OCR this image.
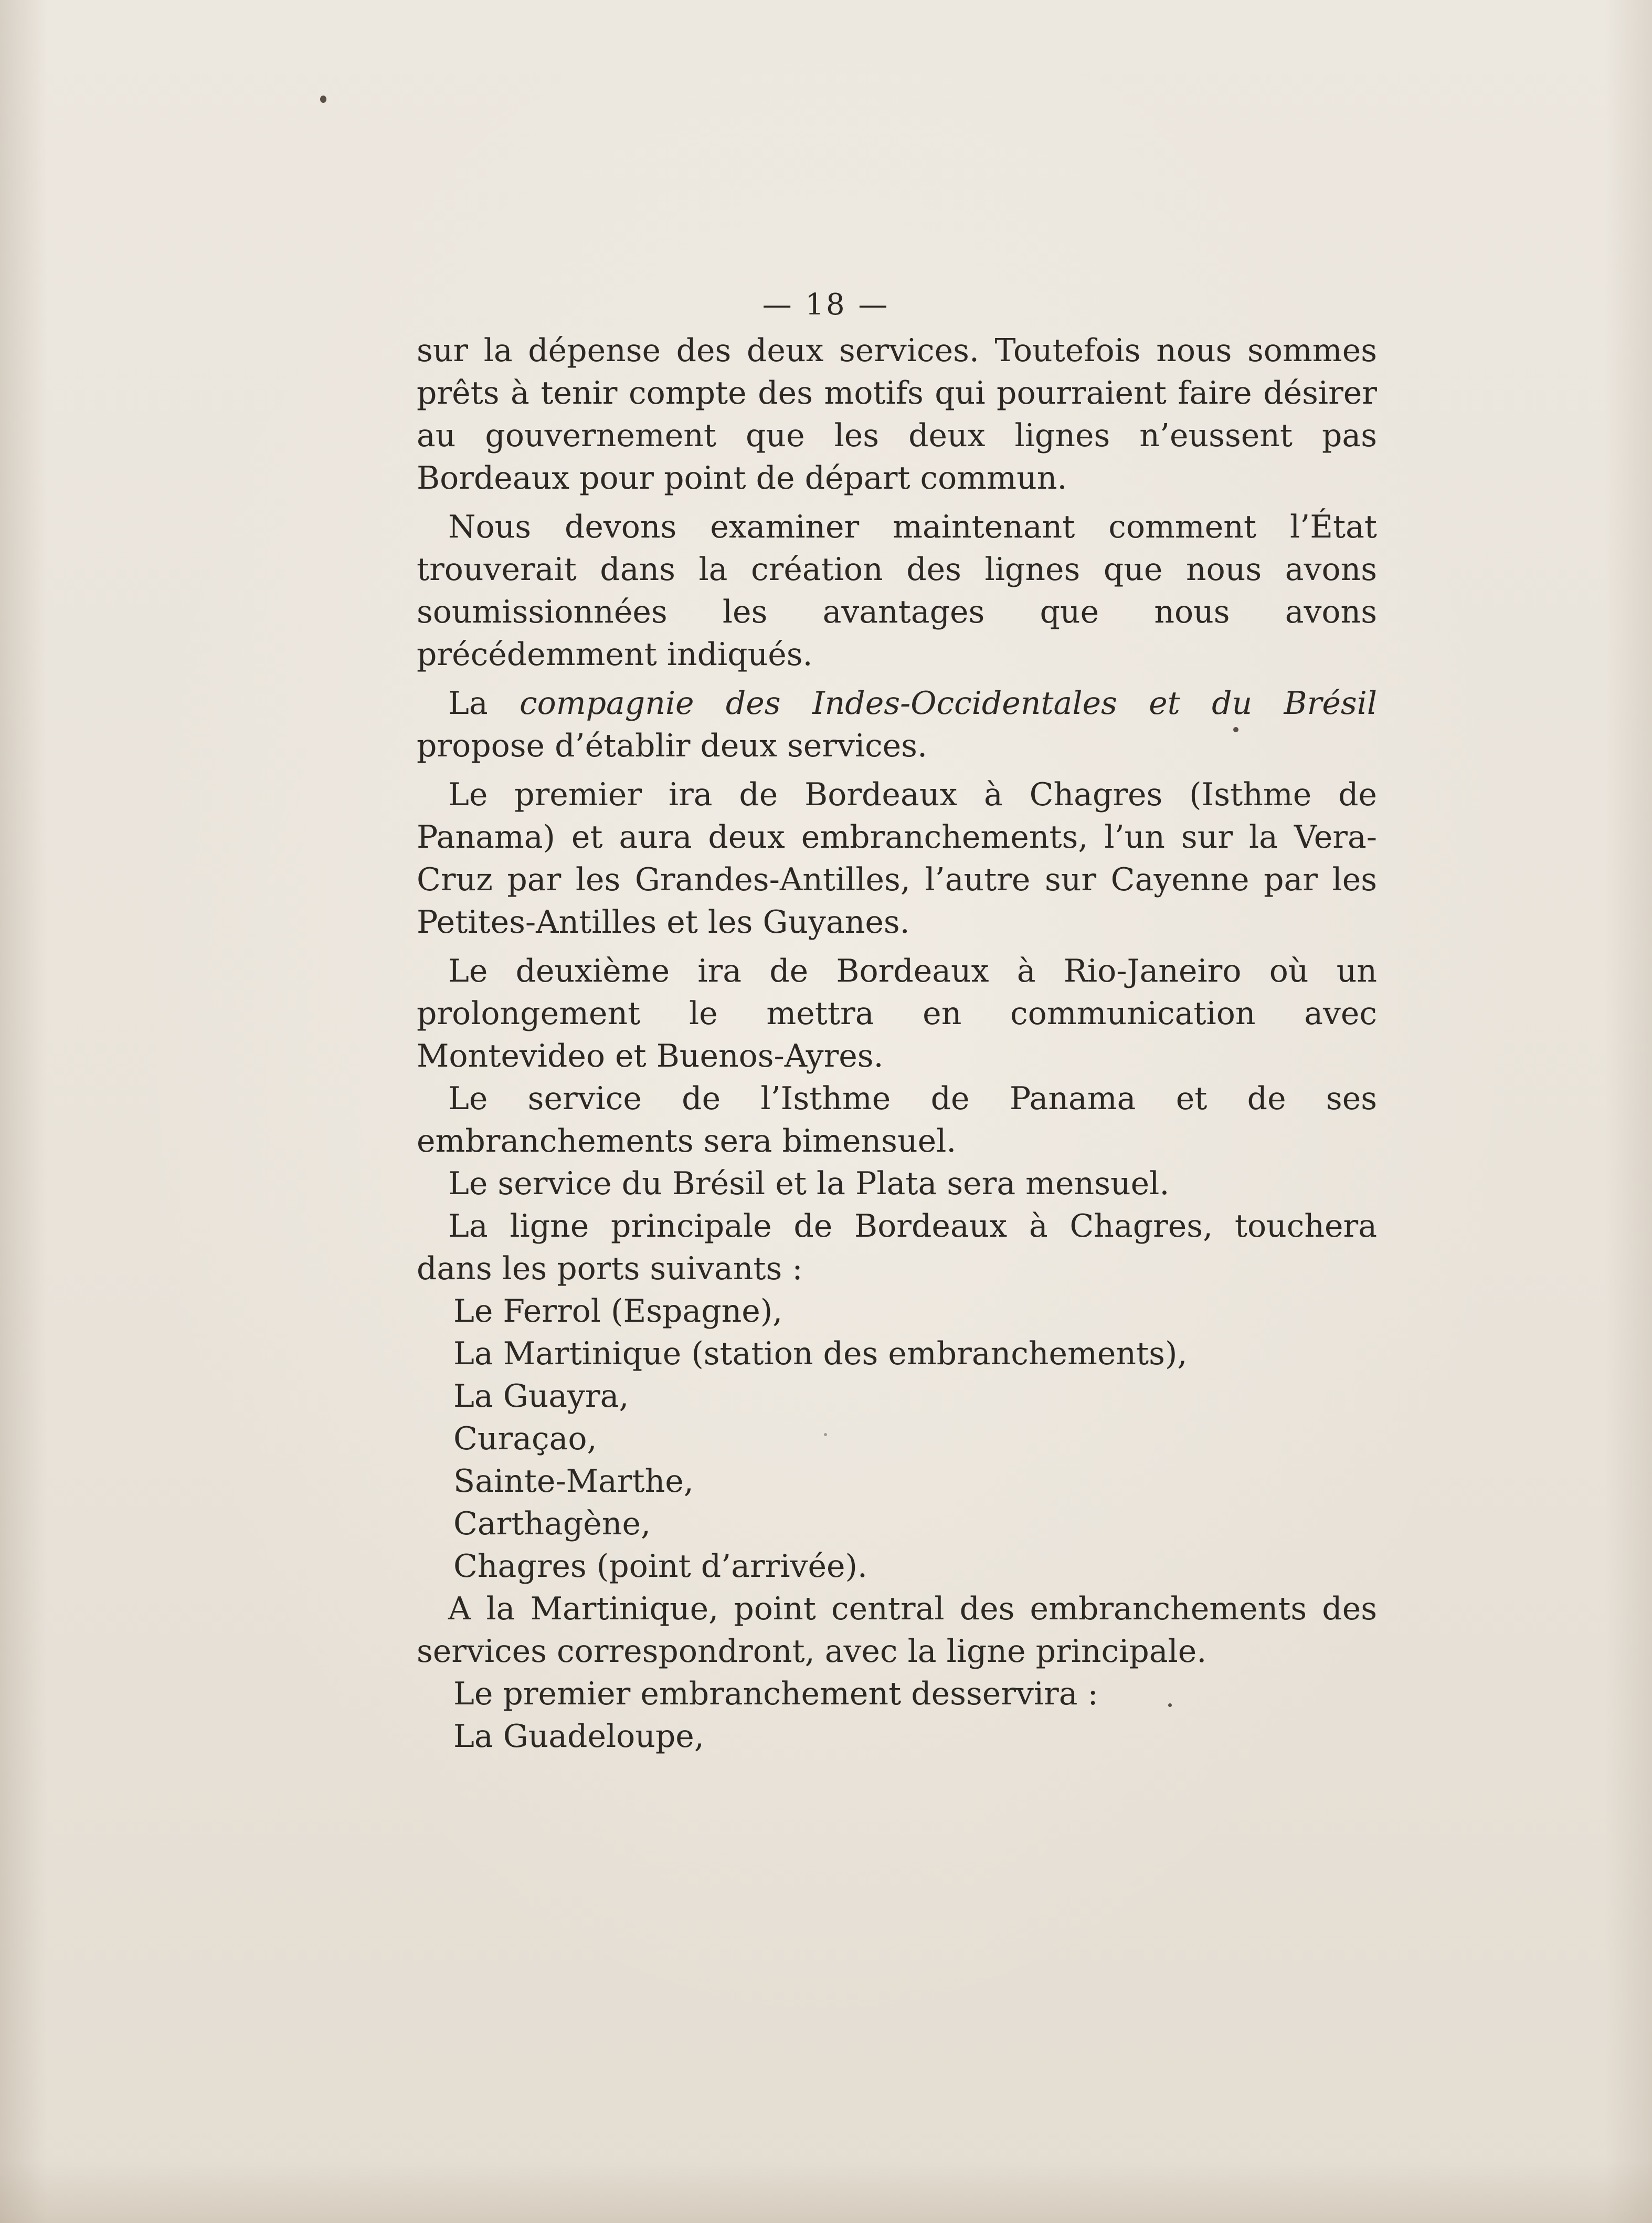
— 18 —

sur la dépense des deux services. Toutefois nous sommes prêts à tenir compte des motifs qui pourraient faire désirer au gouvernement que les deux lignes n’eussent pas Bordeaux pour point de départ commun.

Nous devons examiner maintenant comment l’État trouverait dans la création des lignes que nous avons soumissionnées les avantages que nous avons précédemment indiqués.

La compagnie des Indes-Occidentales et du Brésil propose d’établir deux services.

Le premier ira de Bordeaux à Chagres (Isthme de Panama) et aura deux embranchements, l’un sur la Vera-Cruz par les Grandes-Antilles, l’autre sur Cayenne par les Petites-Antilles et les Guyanes.

Le deuxième ira de Bordeaux à Rio-Janeiro où un prolongement le mettra en communication avec Montevideo et Buenos-Ayres.

Le service de l’Isthme de Panama et de ses embranchements sera bimensuel.

Le service du Brésil et la Plata sera mensuel.

La ligne principale de Bordeaux à Chagres, touchera dans les ports suivants :

Le Ferrol (Espagne),

La Martinique (station des embranchements),

La Guayra,

Curaçao,

Sainte-Marthe,

Carthagène,

Chagres (point d’arrivée).

A la Martinique, point central des embranchements des services correspondront, avec la ligne principale.

Le premier embranchement desservira :

La Guadeloupe,
